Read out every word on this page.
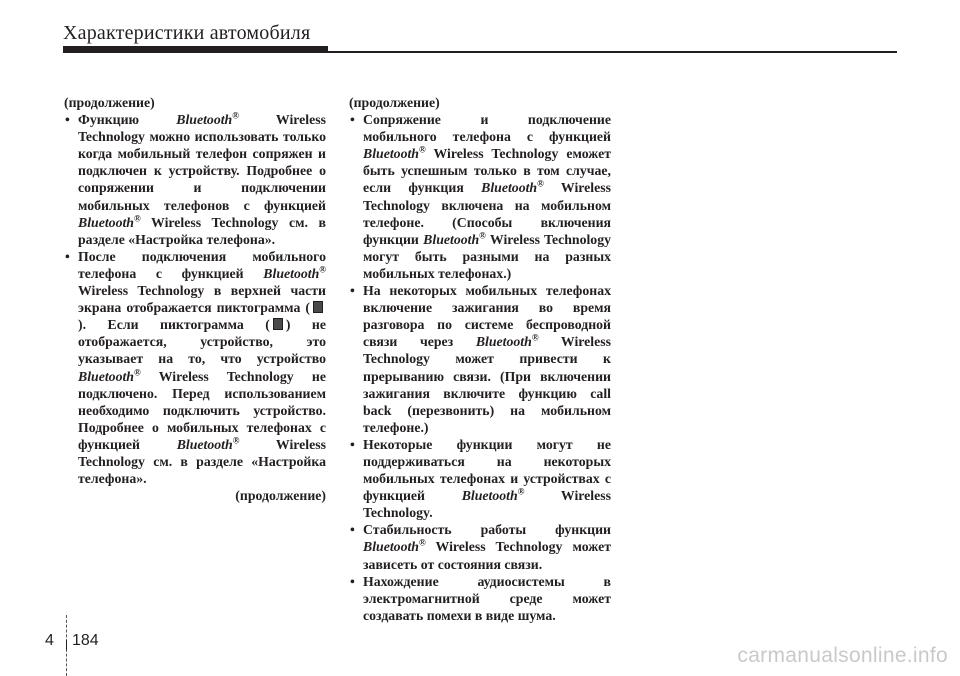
Характеристики автомобиля

(продолжение)

• Функцию Bluetooth® Wireless Technology можно использовать только когда мобильный телефон сопряжен и подключен к устройству. Подробнее о сопряжении и подключении мобильных телефонов с функцией Bluetooth® Wireless Technology см. в разделе «Настройка телефона».
• После подключения мобильного телефона с функцией Bluetooth® Wireless Technology в верхней части экрана отображается пиктограмма (). Если пиктограмма ( ) не отображается, устройство, это указывает на то, что устройство Bluetooth® Wireless Technology не подключено. Перед использованием необходимо подключить устройство. Подробнее о мобильных телефонах с функцией Bluetooth® Wireless Technology см. в разделе «Настройка телефона».

(продолжение)

(продолжение)

• Сопряжение и подключение мобильного телефона с функцией Bluetooth® Wireless Technology еможет быть успешным только в том случае, если функция Bluetooth® Wireless Technology включена на мобильном телефоне. (Способы включения функции Bluetooth® Wireless Technology могут быть разными на разных мобильных телефонах.)
• На некоторых мобильных телефонах включение зажигания во время разговора по системе беспроводной связи через Bluetooth® Wireless Technology может привести к прерыванию связи. (При включении зажигания включите функцию call back (перезвонить) на мобильном телефоне.)
• Некоторые функции могут не поддерживаться на некоторых мобильных телефонах и устройствах с функцией Bluetooth® Wireless Technology.
• Стабильность работы функции Bluetooth® Wireless Technology может зависеть от состояния связи.
• Нахождение аудиосистемы в электромагнитной среде может создавать помехи в виде шума.
4 184
carmanualsonline.info
